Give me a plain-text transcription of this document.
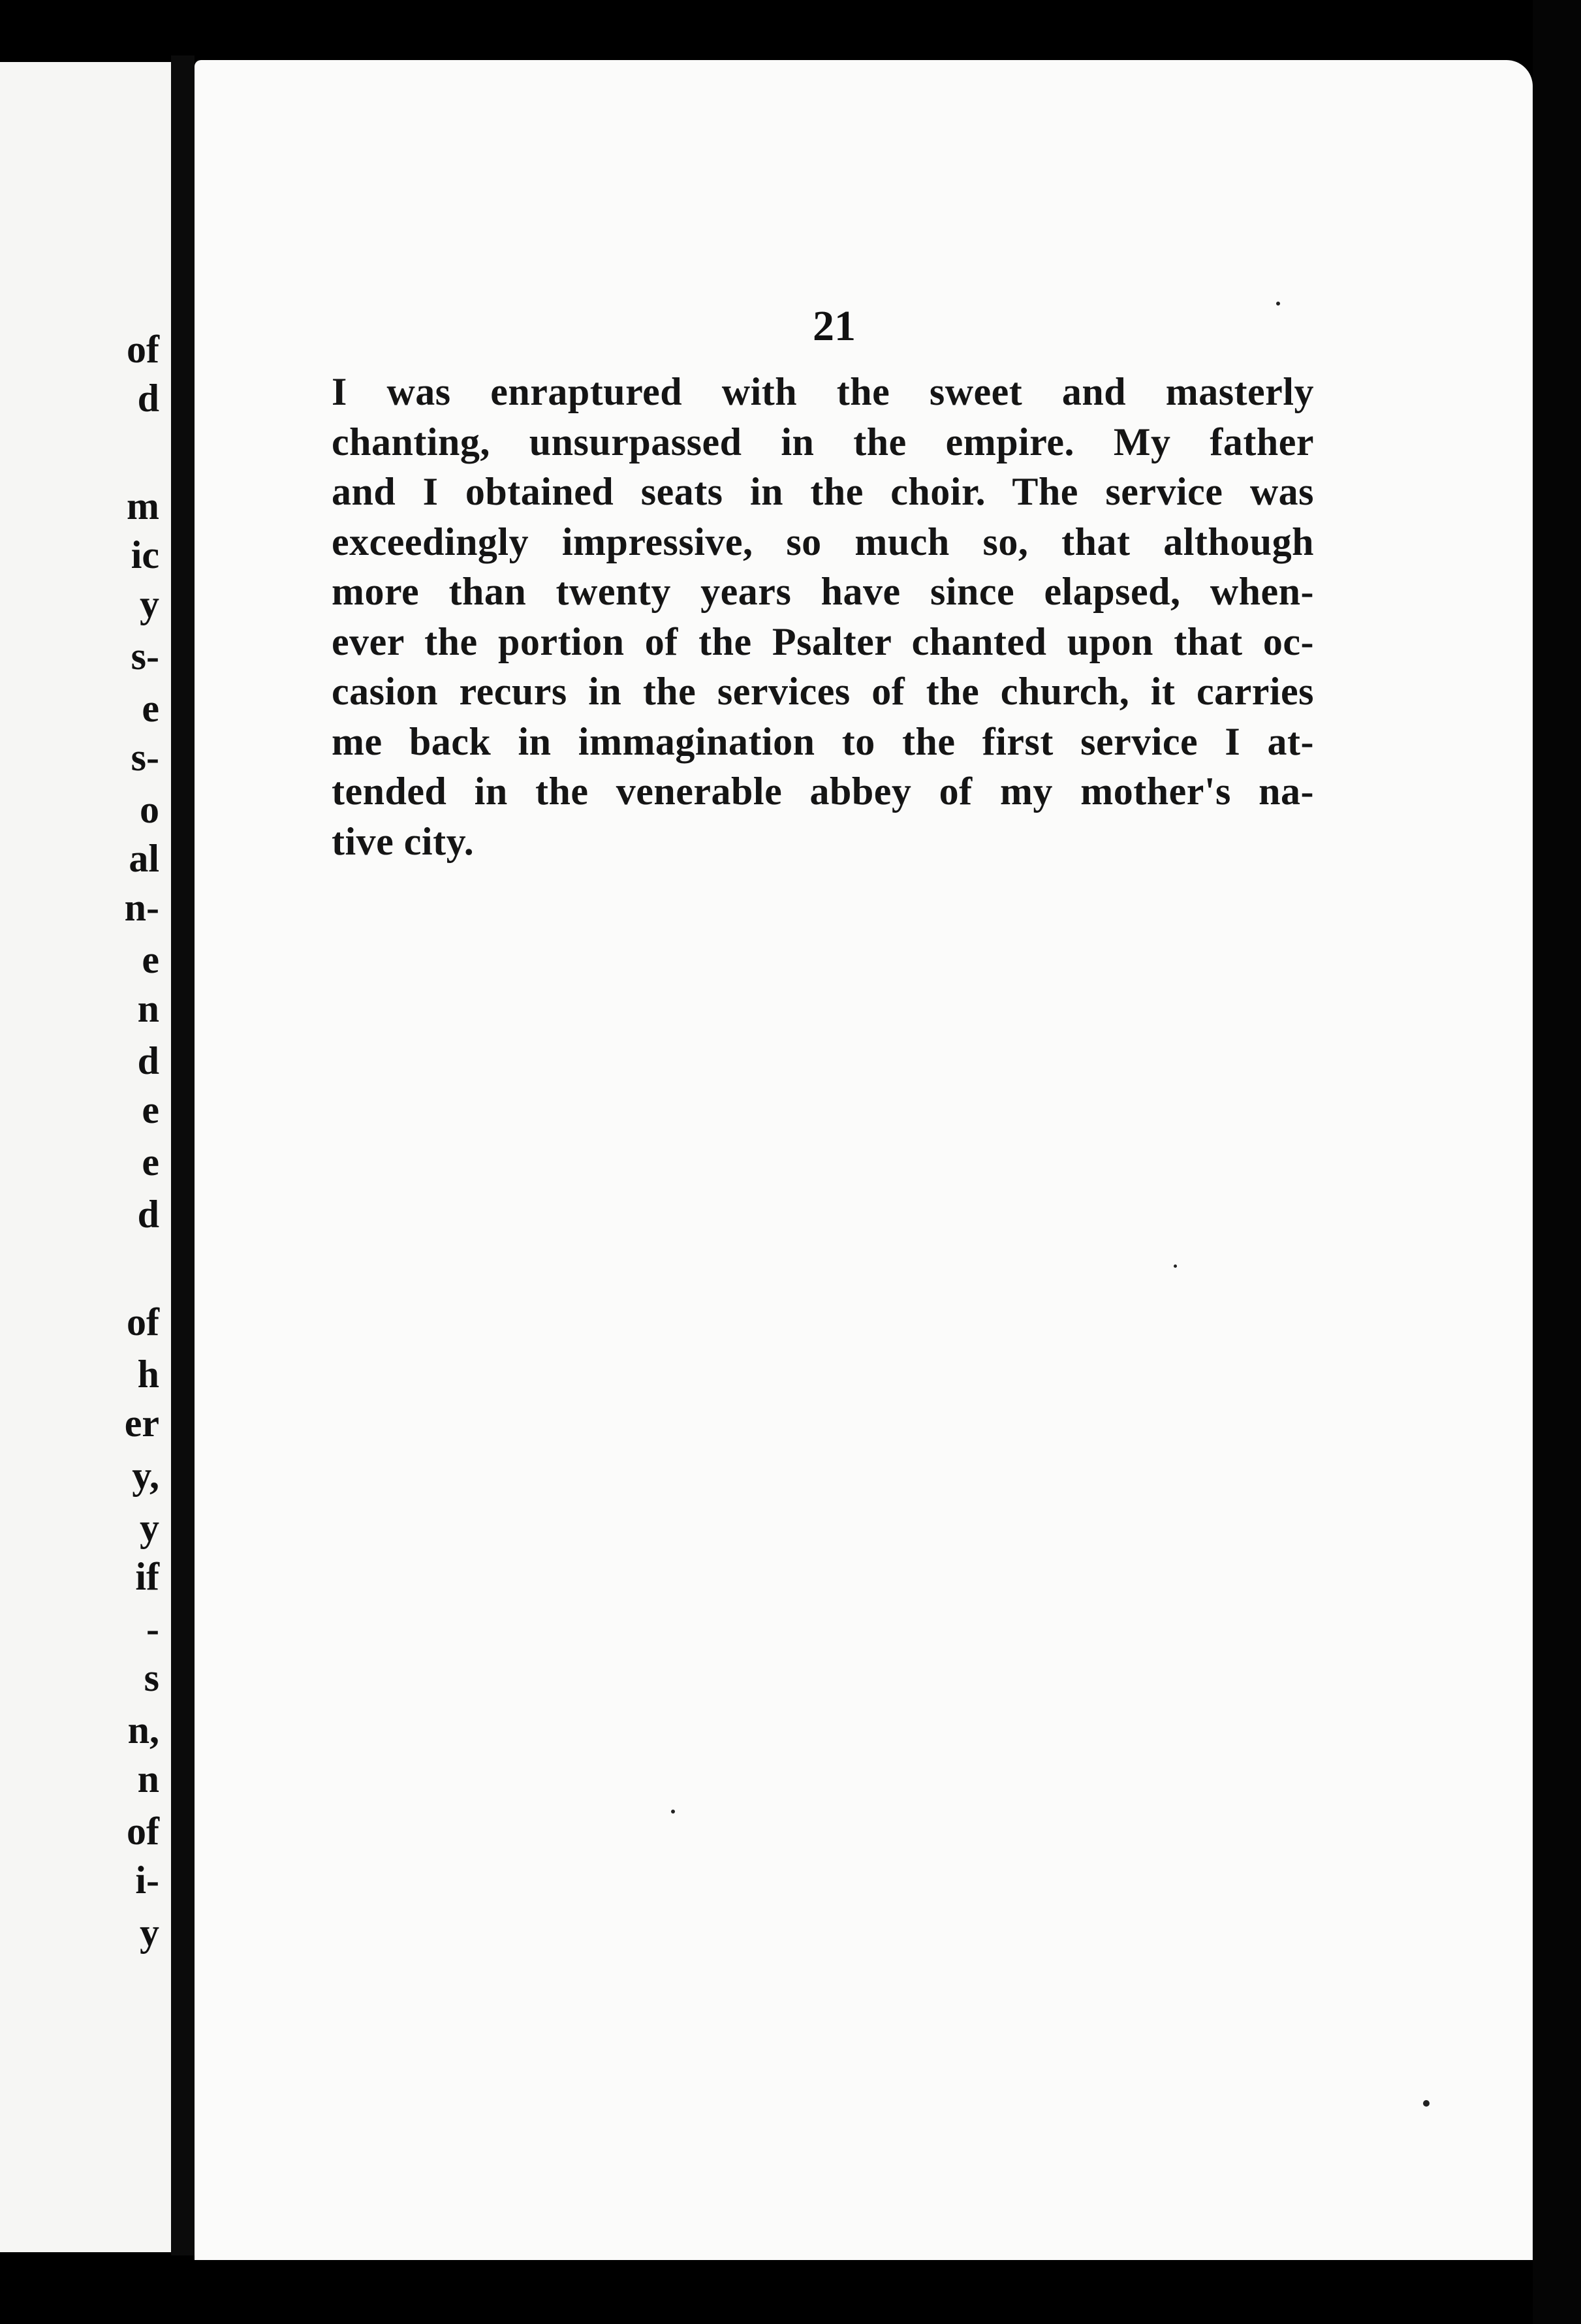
of
d
m
ic
y
s-
e
s-
o
al
n-
e
n
d
e
e
d
of
h
er
y,
y
if
-
s
n,
n
of
i-
y
21
I was enraptured with the sweet and masterly
chanting, unsurpassed in the empire. My father
and I obtained seats in the choir. The service was
exceedingly impressive, so much so, that although
more than twenty years have since elapsed, when-
ever the portion of the Psalter chanted upon that oc-
casion recurs in the services of the church, it carries
me back in immagination to the first service I at-
tended in the venerable abbey of my mother's na-
tive city.
